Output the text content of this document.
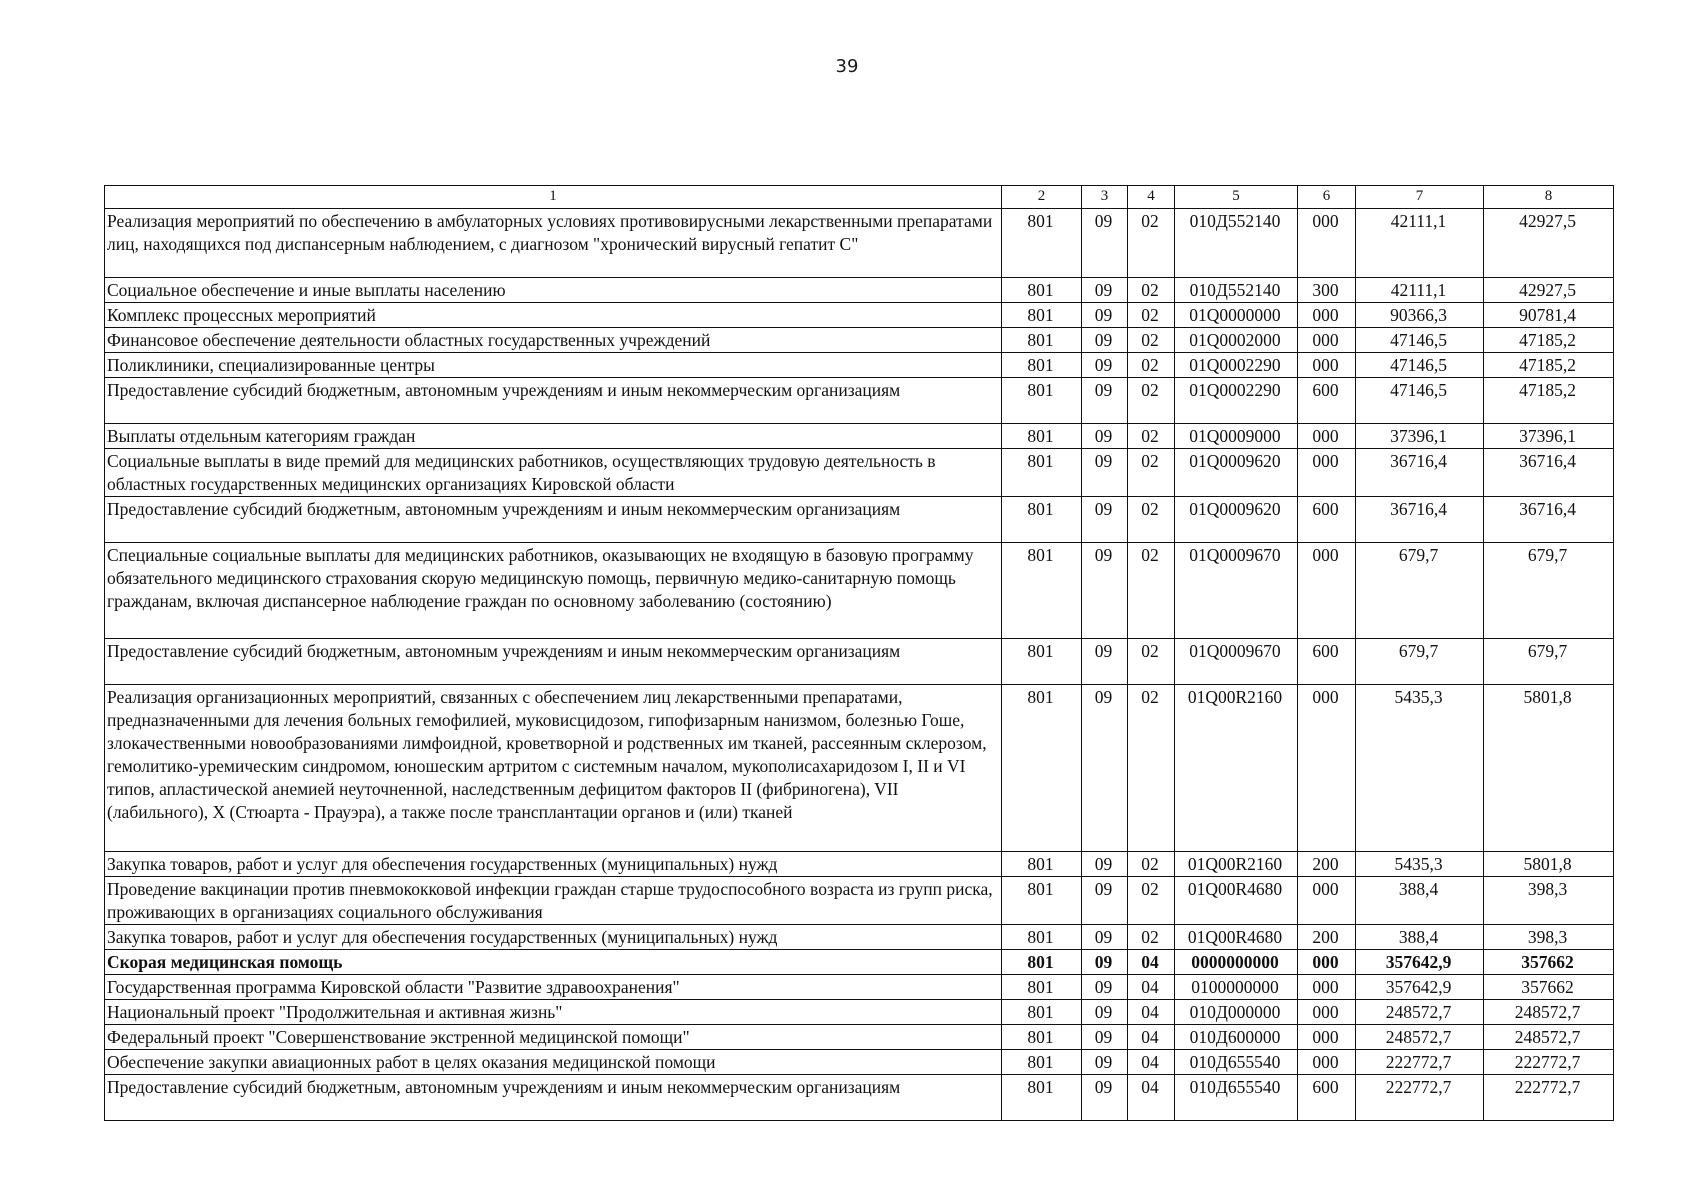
39
1	2	3	4	5	6	7	8
Реализация мероприятий по обеспечению в амбулаторных условиях противовирусными лекарственными препаратами лиц, находящихся под диспансерным наблюдением, с диагнозом "хронический вирусный гепатит С"	801	09	02	010Д552140	000	42111,1	42927,5
Социальное обеспечение и иные выплаты населению	801	09	02	010Д552140	300	42111,1	42927,5
Комплекс процессных мероприятий	801	09	02	01Q0000000	000	90366,3	90781,4
Финансовое обеспечение деятельности областных государственных учреждений	801	09	02	01Q0002000	000	47146,5	47185,2
Поликлиники, специализированные центры	801	09	02	01Q0002290	000	47146,5	47185,2
Предоставление субсидий бюджетным, автономным учреждениям и иным некоммерческим организациям	801	09	02	01Q0002290	600	47146,5	47185,2
Выплаты отдельным категориям граждан	801	09	02	01Q0009000	000	37396,1	37396,1
Социальные выплаты в виде премий для медицинских работников, осуществляющих трудовую деятельность в областных государственных медицинских организациях Кировской области	801	09	02	01Q0009620	000	36716,4	36716,4
Предоставление субсидий бюджетным, автономным учреждениям и иным некоммерческим организациям	801	09	02	01Q0009620	600	36716,4	36716,4
Специальные социальные выплаты для медицинских работников, оказывающих не входящую в базовую программу обязательного медицинского страхования скорую медицинскую помощь, первичную медико-санитарную помощь гражданам, включая диспансерное наблюдение граждан по основному заболеванию (состоянию)	801	09	02	01Q0009670	000	679,7	679,7
Предоставление субсидий бюджетным, автономным учреждениям и иным некоммерческим организациям	801	09	02	01Q0009670	600	679,7	679,7
Реализация организационных мероприятий, связанных с обеспечением лиц лекарственными препаратами, предназначенными для лечения больных гемофилией, муковисцидозом, гипофизарным нанизмом, болезнью Гоше, злокачественными новообразованиями лимфоидной, кроветворной и родственных им тканей, рассеянным склерозом, гемолитико-уремическим синдромом, юношеским артритом с системным началом, мукополисахаридозом I, II и VI типов, апластической анемией неуточненной, наследственным дефицитом факторов II (фибриногена), VII (лабильного), X (Стюарта - Прауэра), а также после трансплантации органов и (или) тканей	801	09	02	01Q00R2160	000	5435,3	5801,8
Закупка товаров, работ и услуг для обеспечения государственных (муниципальных) нужд	801	09	02	01Q00R2160	200	5435,3	5801,8
Проведение вакцинации против пневмококковой инфекции граждан старше трудоспособного возраста из групп риска, проживающих в организациях социального обслуживания	801	09	02	01Q00R4680	000	388,4	398,3
Закупка товаров, работ и услуг для обеспечения государственных (муниципальных) нужд	801	09	02	01Q00R4680	200	388,4	398,3
Скорая медицинская помощь	801	09	04	0000000000	000	357642,9	357662
Государственная программа Кировской области "Развитие здравоохранения"	801	09	04	0100000000	000	357642,9	357662
Национальный проект "Продолжительная и активная жизнь"	801	09	04	010Д000000	000	248572,7	248572,7
Федеральный проект "Совершенствование экстренной медицинской помощи"	801	09	04	010Д600000	000	248572,7	248572,7
Обеспечение закупки авиационных работ в целях оказания медицинской помощи	801	09	04	010Д655540	000	222772,7	222772,7
Предоставление субсидий бюджетным, автономным учреждениям и иным некоммерческим организациям	801	09	04	010Д655540	600	222772,7	222772,7
